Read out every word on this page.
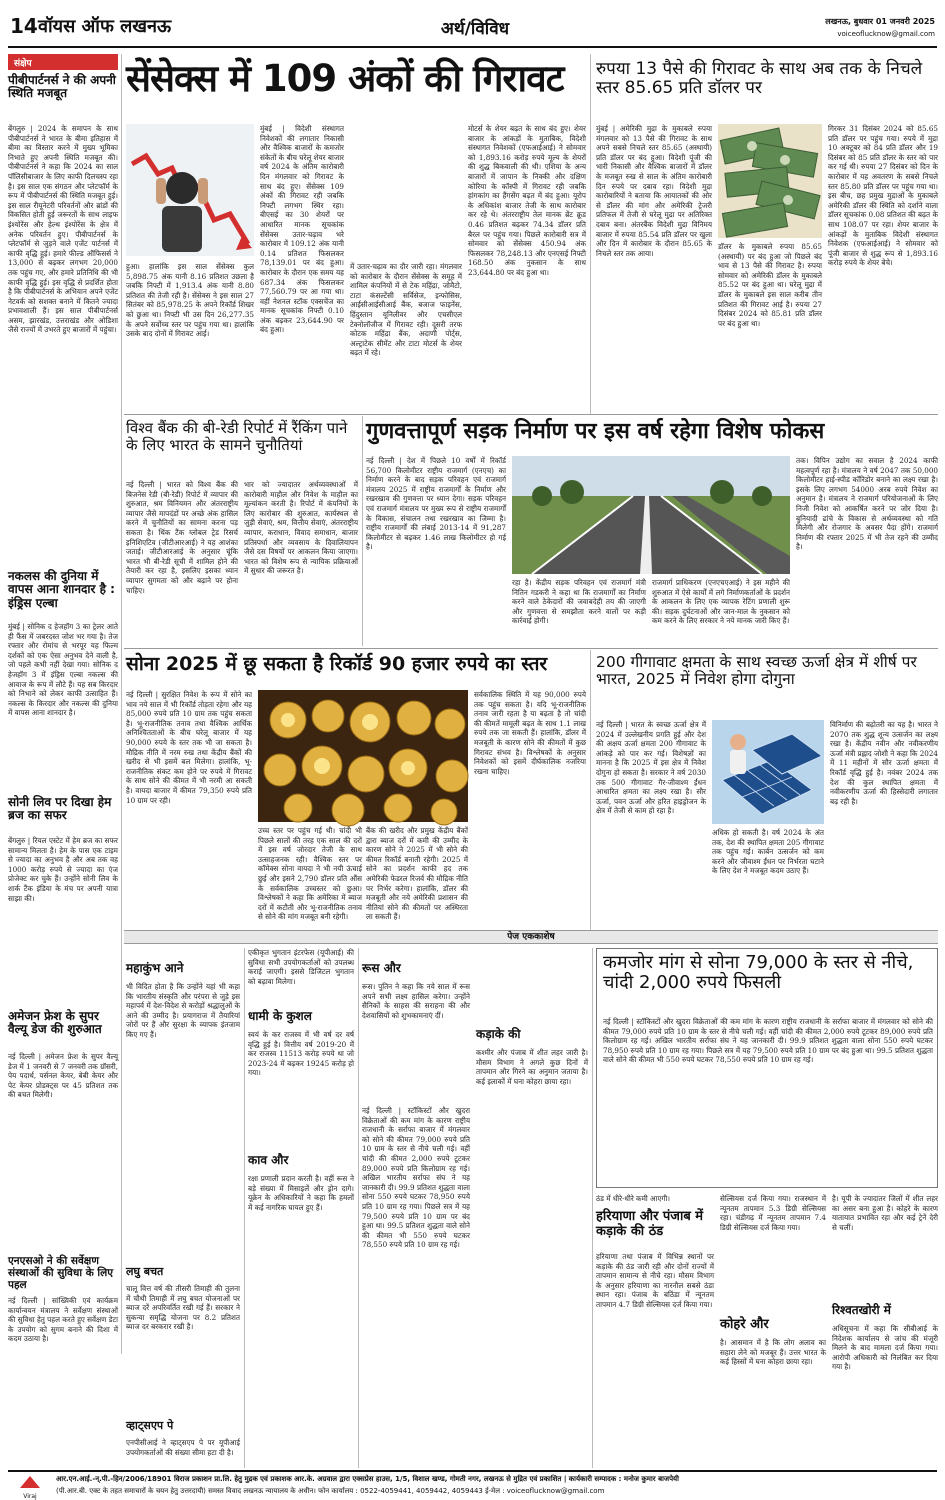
14 वॉयस ऑफ लखनऊ	अर्थ/विविध	लखनऊ, बुधवार 01 जनवरी 2025
voiceoflucknow@gmail.com
संक्षेप
पीबीपार्टनर्स ने की अपनी स्थिति मजबूत
बेंगलुरु | 2024 के समापन के साथ पीबीपार्टनर्स ने भारत के बीमा इतिहास में बीमा का विस्तार करने में मुख्य भूमिका निभाते हुए अपनी स्थिति मजबूत की। पीबीपार्टनर्स ने कहा कि 2024 का साल पॉलिसीबाजार के लिए काफी दिलचस्प रहा है। इस साल एक संगठन और प्लेटफॉर्म के रूप में पीबीपार्टनर्स की स्थिति मजबूत हुई। इस साल रीयूनेटरी परिवर्तनों और ब्रांडों की विकसित होती हुई जरूरतों के साथ लाइफ इंश्योरेंस और हेल्थ इंश्योरेंस के क्षेत्र में अनेक परिवर्तन हुए। पीबीपार्टनर्स के प्लेटफॉर्म से जुड़ने वाले एजेंट पार्टनर्स में काफी वृद्धि हुई। हमारे फील्ड ऑफिसर्स ने 13,000 से बढ़कर लगभग 20,000 तक पहुंच गए, और हमारे प्रतिनिधि की भी काफी वृद्धि हुई। इस वृद्धि से प्रदर्शित होता है कि पीबीपार्टनर्स के अभियान अपने एजेंट नेटवर्क को सशक्त बनाने में कितने ज्यादा प्रभावशाली हैं। इस साल पीबीपार्टनर्स असम, झारखंड, उत्तराखंड और ओडिशा जैसे राज्यों में उभरते हुए बाजारों में पहुंचा।
नकलस की दुनिया में वापस आना शानदार है : इंड्रिस एल्बा
मुंबई | सोनिक द हेजहॉग 3 का ट्रेलर आते ही फैंस में जबरदस्त जोश भर गया है। तेज रफ्तार और रोमांच से भरपूर यह फिल्म दर्शकों को एक ऐसा अनुभव देने वाली है, जो पहले कभी नहीं देखा गया। सोनिक द हेजहॉग 3 में इंड्रिस एल्बा नकल्स की आवाज के रूप में लौटे हैं। यह सब किरदार को निभाने को लेकर काफी उत्साहित हैं। नकल्स के किरदार और नकल्स की दुनिया में वापस आना शानदार है।
सोनी लिव पर दिखा हेम ब्रज का सफर
बेंगलुरु | रियल एस्टेट में हेम ब्रज का सफर सामान्य मिलता है। हेम के पास एक टाइम से ज्यादा का अनुभव है और अब तक वह 1000 करोड़ रुपये से ज्यादा का एंज प्रोजेक्ट कर चुके हैं। उन्होंने सोनी लिव के शार्क टैंक इंडिया के मंच पर अपनी यात्रा साझा की।
अमेजन फ्रेश के सुपर वैल्यू डेज की शुरुआत
नई दिल्ली | अमेजन फ्रेश के सुपर वैल्यू डेज में 1 जनवरी से 7 जनवरी तक ग्रॉसरी, पेय पदार्थ, पर्सनल केयर, बेबी केयर और पेट केयर प्रोडक्ट्स पर 45 प्रतिशत तक की बचत मिलेगी।
एनएसओ ने की सर्वेक्षण संस्थाओं की सुविधा के लिए पहल
नई दिल्ली | सांख्यिकी एवं कार्यक्रम कार्यान्वयन मंत्रालय ने सर्वेक्षण संस्थाओं की सुविधा हेतु पहल करते हुए सर्वेक्षण डेटा के उपयोग को सुगम बनाने की दिशा में कदम उठाया है।
सेंसेक्स में 109 अंकों की गिरावट
मुंबई | विदेशी संस्थागत निवेशकों की लगातार निकासी और वैश्विक बाजारों के कमजोर संकेतों के बीच घरेलू शेयर बाजार वर्ष 2024 के अंतिम कारोबारी दिन मंगलवार को गिरावट के साथ बंद हुए। सेंसेक्स 109 अंकों की गिरावट रही जबकि निफ्टी लगभग स्थिर रहा। बीएसई का 30 शेयरों पर आधारित मानक सूचकांक सेंसेक्स उतार-चढ़ाव भरे कारोबार में 109.12 अंक यानी 0.14 प्रतिशत फिसलकर 78,139.01 पर बंद हुआ। कारोबार के दौरान एक समय यह 687.34 अंक फिसलकर 77,560.79 पर आ गया था। वहीं नेशनल स्टॉक एक्सचेंज का मानक सूचकांक निफ्टी 0.10 अंक बढ़कर 23,644.90 पर बंद हुआ।
हुआ। हालांकि इस साल सेंसेक्स कुल 5,898.75 अंक यानी 8.16 प्रतिशत उछला है जबकि निफ्टी में 1,913.4 अंक यानी 8.80 प्रतिशत की तेजी रही है। सेंसेक्स ने इस साल 27 सितंबर को 85,978.25 के अपने रिकॉर्ड शिखर को छुआ था। निफ्टी भी उस दिन 26,277.35 के अपने सर्वोच्च स्तर पर पहुंच गया था। हालांकि उसके बाद दोनों में गिरावट आई।
में उतार-चढ़ाव का दौर जारी रहा। मंगलवार को कारोबार के दौरान सेंसेक्स के समूह में शामिल कंपनियों में से टेक महिंद्रा, जोमैटो, टाटा कंसल्टेंसी सर्विसेज, इन्फोसिस, आईसीआईसीआई बैंक, बजाज फाइनेंस, हिंदुस्तान यूनिलीवर और एचसीएल टेक्नोलॉजीज में गिरावट रही। दूसरी तरफ कोटक महिंद्रा बैंक, अदाणी पोर्ट्स, अल्ट्राटेक सीमेंट और टाटा मोटर्स के शेयर बढ़त में रहे।
मोटर्स के शेयर बढ़त के साथ बंद हुए। शेयर बाजार के आंकड़ों के मुताबिक, विदेशी संस्थागत निवेशकों (एफआईआई) ने सोमवार को 1,893.16 करोड़ रुपये मूल्य के शेयरों की शुद्ध बिकवाली की थी। एशिया के अन्य बाजारों में जापान के निक्की और दक्षिण कोरिया के कॉस्पी में गिरावट रही जबकि हांगकांग का हैंगसेंग बढ़त में बंद हुआ। यूरोप के अधिकांश बाजार तेजी के साथ कारोबार कर रहे थे। अंतरराष्ट्रीय तेल मानक ब्रेंट क्रूड 0.46 प्रतिशत बढ़कर 74.34 डॉलर प्रति बैरल पर पहुंच गया। पिछले कारोबारी सत्र में सोमवार को सेंसेक्स 450.94 अंक फिसलकर 78,248.13 और एनएसई निफ्टी 168.50 अंक नुकसान के साथ 23,644.80 पर बंद हुआ था।
रुपया 13 पैसे की गिरावट के साथ अब तक के निचले स्तर 85.65 प्रति डॉलर पर
मुंबई | अमेरिकी मुद्रा के मुकाबले रुपया मंगलवार को 13 पैसे की गिरावट के साथ अपने सबसे निचले स्तर 85.65 (अस्थायी) प्रति डॉलर पर बंद हुआ। विदेशी पूंजी की भारी निकासी और वैश्विक बाजारों में डॉलर के मजबूत रुख से साल के अंतिम कारोबारी दिन रुपये पर दबाव रहा। विदेशी मुद्रा कारोबारियों ने बताया कि आयातकों की ओर से डॉलर की मांग और अमेरिकी ट्रेजरी प्रतिफल में तेजी से घरेलू मुद्रा पर अतिरिक्त दबाव बना। अंतरबैंक विदेशी मुद्रा विनिमय बाजार में रुपया 85.54 प्रति डॉलर पर खुला और दिन में कारोबार के दौरान 85.65 के निचले स्तर तक आया।
डॉलर के मुकाबले रुपया 85.65 (अस्थायी) पर बंद हुआ जो पिछले बंद भाव से 13 पैसे की गिरावट है। रुपया सोमवार को अमेरिकी डॉलर के मुकाबले 85.52 पर बंद हुआ था। घरेलू मुद्रा में डॉलर के मुकाबले इस साल करीब तीन प्रतिशत की गिरावट आई है। रुपया 27 दिसंबर 2024 को 85.81 प्रति डॉलर पर बंद हुआ था।
गिरकर 31 दिसंबर 2024 को 85.65 प्रति डॉलर पर पहुंच गया। रुपये में मुद्रा 10 अक्टूबर को 84 प्रति डॉलर और 19 दिसंबर को 85 प्रति डॉलर के स्तर को पार कर गई थी। रुपया 27 दिसंबर को दिन के कारोबार में यह अवतरण के सबसे निचले स्तर 85.80 प्रति डॉलर पर पहुंच गया था। इस बीच, छह प्रमुख मुद्राओं के मुकाबले अमेरिकी डॉलर की स्थिति को दर्शाने वाला डॉलर सूचकांक 0.08 प्रतिशत की बढ़त के साथ 108.07 पर रहा। शेयर बाजार के आंकड़ों के मुताबिक विदेशी संस्थागत निवेशक (एफआईआई) ने सोमवार को पूंजी बाजार से शुद्ध रूप से 1,893.16 करोड़ रुपये के शेयर बेचे।
विश्व बैंक की बी-रेडी रिपोर्ट में रैंकिंग पाने के लिए भारत के सामने चुनौतियां
नई दिल्ली | भारत को विश्व बैंक की बिजनेस रेडी (बी-रेडी) रिपोर्ट में व्यापार की शुरुआत, श्रम विनियमन और अंतरराष्ट्रीय व्यापार जैसे मापदंडों पर अच्छे अंक हासिल करने में चुनौतियों का सामना करना पड़ सकता है। थिंक टैंक ग्लोबल ट्रेड रिसर्च इनिशिएटिव (जीटीआरआई) ने यह आशंका जताई। जीटीआरआई के अनुसार चूंकि भारत भी बी-रेडी सूची में शामिल होने की तैयारी कर रहा है, इसलिए इसका ध्यान व्यापार सुगमता को और बढ़ाने पर होना चाहिए।
भार को ज्यादातर अर्थव्यवस्थाओं में कारोबारी माहौल और निवेश के माहौल का मूल्यांकन करती है। रिपोर्ट में कंपनियों के लिए कारोबार की शुरुआत, कार्यस्थल से जुड़ी सेवाएं, श्रम, वित्तीय सेवाएं, अंतरराष्ट्रीय व्यापार, कराधान, विवाद समाधान, बाजार प्रतिस्पर्धा और व्यवसाय के दिवालियापन जैसे दस विषयों पर आकलन किया जाएगा। भारत को विशेष रूप से न्यायिक प्रक्रियाओं में सुधार की जरूरत है।
गुणवत्तापूर्ण सड़क निर्माण पर इस वर्ष रहेगा विशेष फोकस
नई दिल्ली | देश में पिछले 10 वर्षों में रिकॉर्ड 56,700 किलोमीटर राष्ट्रीय राजमार्ग (एनएच) का निर्माण करने के बाद सड़क परिवहन एवं राजमार्ग मंत्रालय 2025 में राष्ट्रीय राजमार्गों के निर्माण और रखरखाव की गुणवत्ता पर ध्यान देगा। सड़क परिवहन एवं राजमार्ग मंत्रालय पर मुख्य रूप से राष्ट्रीय राजमार्गों के विकास, संचालन तथा रखरखाव का जिम्मा है। राष्ट्रीय राजमार्गों की लंबाई 2013-14 में 91,287 किलोमीटर से बढ़कर 1.46 लाख किलोमीटर हो गई है।
रहा है। केंद्रीय सड़क परिवहन एवं राजमार्ग मंत्री नितिन गडकरी ने कहा था कि राजमार्गों का निर्माण करने वाले ठेकेदारों की जवाबदेही तय की जाएगी और गुणवत्ता से समझौता करने वालों पर कड़ी कार्रवाई होगी।
राजमार्ग प्राधिकरण (एनएचएआई) ने इस महीने की शुरुआत में ऐसे कार्यों में लगे निर्माणकर्ताओं के प्रदर्शन के आकलन के लिए एक व्यापक रेटिंग प्रणाली शुरू की। सड़क दुर्घटनाओं और जान-माल के नुकसान को कम करने के लिए सरकार ने नये मानक जारी किए हैं।
तक। विपिन उद्योग का सवाल है 2024 काफी महत्वपूर्ण रहा है। मंत्रालय ने वर्ष 2047 तक 50,000 किलोमीटर हाई-स्पीड कॉरिडोर बनाने का लक्ष्य रखा है। इसके लिए लगभग 54000 अरब रुपये निवेश का अनुमान है। मंत्रालय ने राजमार्ग परियोजनाओं के लिए निजी निवेश को आकर्षित करने पर जोर दिया है। बुनियादी ढांचे के विकास से अर्थव्यवस्था को गति मिलेगी और रोजगार के अवसर पैदा होंगे। राजमार्ग निर्माण की रफ्तार 2025 में भी तेज रहने की उम्मीद है।
सोना 2025 में छू सकता है रिकॉर्ड 90 हजार रुपये का स्तर
नई दिल्ली | सुरक्षित निवेश के रूप में सोने का भाव नये साल में भी रिकॉर्ड तोड़ता रहेगा और यह 85,000 रुपये प्रति 10 ग्राम तक पहुंच सकता है। भू-राजनीतिक तनाव तथा वैश्विक आर्थिक अनिश्चितताओं के बीच घरेलू बाजार में यह 90,000 रुपये के स्तर तक भी जा सकता है। मौद्रिक नीति में नरम रुख तथा केंद्रीय बैंकों की खरीद से भी इसमें बल मिलेगा। हालांकि, भू-राजनीतिक संकट कम होने पर रुपये में गिरावट के साथ सोने की कीमत में भी नरमी आ सकती है। वायदा बाजार में कीमत 79,350 रुपये प्रति 10 ग्राम पर रही।
उच्च स्तर पर पहुंच गई थी। चांदी भी पिछले सालों की तरह एक साल की दरों में इस वर्ष जोरदार तेजी के साथ उत्साहजनक रही। वैश्विक स्तर पर कॉमेक्स सोना वायदा ने भी नयी ऊंचाई छुई और इसने 2,790 डॉलर प्रति औंस के सर्वकालिक उच्चस्तर को छुआ। विश्लेषकों ने कहा कि अमेरिका में ब्याज दरों में कटौती और भू-राजनीतिक तनाव से सोने की मांग मजबूत बनी रहेगी।
बैंक की खरीद और प्रमुख केंद्रीय बैंकों द्वारा ब्याज दरों में कमी की उम्मीद के कारण सोने ने 2025 में भी सोने की कीमत रिकॉर्ड बनाती रहेगी। 2025 में सोने का प्रदर्शन काफी हद तक अमेरिकी फेडरल रिजर्व की मौद्रिक नीति पर निर्भर करेगा। हालांकि, डॉलर की मजबूती और नये अमेरिकी प्रशासन की नीतियां सोने की कीमतों पर अस्थिरता ला सकती हैं।
सर्वकालिक स्थिति में यह 90,000 रुपये तक पहुंच सकता है। यदि भू-राजनीतिक तनाव जारी रहता है या बढ़ता है तो चांदी की कीमतें मामूली बढ़त के साथ 1.1 लाख रुपये तक जा सकती हैं। हालांकि, डॉलर में मजबूती के कारण सोने की कीमतों में कुछ गिरावट संभव है। विश्लेषकों के अनुसार निवेशकों को इसमें दीर्घकालिक नजरिया रखना चाहिए।
200 गीगावाट क्षमता के साथ स्वच्छ ऊर्जा क्षेत्र में शीर्ष पर भारत, 2025 में निवेश होगा दोगुना
नई दिल्ली | भारत के स्वच्छ ऊर्जा क्षेत्र में 2024 में उल्लेखनीय प्रगति हुई और देश की अक्षय ऊर्जा क्षमता 200 गीगावाट के आंकड़े को पार कर गई। विशेषज्ञों का मानना है कि 2025 में इस क्षेत्र में निवेश दोगुना हो सकता है। सरकार ने वर्ष 2030 तक 500 गीगावाट गैर-जीवाश्म ईंधन आधारित क्षमता का लक्ष्य रखा है। सौर ऊर्जा, पवन ऊर्जा और हरित हाइड्रोजन के क्षेत्र में तेजी से काम हो रहा है।
अधिक हो सकती है। वर्ष 2024 के अंत तक, देश की स्थापित क्षमता 205 गीगावाट तक पहुंच गई। कार्बन उत्सर्जन को कम करने और जीवाश्म ईंधन पर निर्भरता घटाने के लिए देश ने मजबूत कदम उठाए हैं।
विनिर्माण की बढ़ोतरी का यह है। भारत ने 2070 तक शुद्ध शून्य उत्सर्जन का लक्ष्य रखा है। केंद्रीय नवीन और नवीकरणीय ऊर्जा मंत्री प्रह्लाद जोशी ने कहा कि 2024 में 11 महीनों में सौर ऊर्जा क्षमता में रिकॉर्ड वृद्धि हुई है। नवंबर 2024 तक देश की कुल स्थापित क्षमता में नवीकरणीय ऊर्जा की हिस्सेदारी लगातार बढ़ रही है।
पेज एककाशेष
महाकुंभ आने
भी विदित होता है कि उन्होंने यहां भी कहा कि भारतीय संस्कृति और परंपरा से जुड़े इस महापर्व में देश-विदेश से करोड़ों श्रद्धालुओं के आने की उम्मीद है। प्रयागराज में तैयारियां जोरों पर हैं और सुरक्षा के व्यापक इंतजाम किए गए हैं।
लघु बचत
चालू वित्त वर्ष की तीसरी तिमाही की तुलना में चौथी तिमाही में लघु बचत योजनाओं पर ब्याज दरें अपरिवर्तित रखी गई हैं। सरकार ने सुकन्या समृद्धि योजना पर 8.2 प्रतिशत ब्याज दर बरकरार रखी है।
व्हाट्सएप पे
एनपीसीआई ने व्हाट्सएप पे पर यूपीआई उपयोगकर्ताओं की संख्या सीमा हटा दी है।
एकीकृत भुगतान इंटरफेस (यूपीआई) की सुविधा सभी उपयोगकर्ताओं को उपलब्ध कराई जाएगी। इससे डिजिटल भुगतान को बढ़ावा मिलेगा।
धामी के कुशल
स्वयं के कर राजस्व में भी वर्ष दर वर्ष वृद्धि हुई है। वित्तीय वर्ष 2019-20 में कर राजस्व 11513 करोड़ रुपये था जो 2023-24 में बढ़कर 19245 करोड़ हो गया।
काव और
रक्षा प्रणाली प्रदान करती है। वहीं रूस ने बड़े संख्या में मिसाइलें और ड्रोन दागे। यूक्रेन के अधिकारियों ने कहा कि हमलों में कई नागरिक घायल हुए हैं।
रूस और
रूस। पुतिन ने कहा कि नये साल में रूस अपने सभी लक्ष्य हासिल करेगा। उन्होंने सैनिकों के साहस की सराहना की और देशवासियों को शुभकामनाएं दीं।
कड़ाके की
नई दिल्ली | स्टॉकिस्टों और खुदरा विक्रेताओं की कम मांग के कारण राष्ट्रीय राजधानी के सर्राफा बाजार में मंगलवार को सोने की कीमत 79,000 रुपये प्रति 10 ग्राम के स्तर से नीचे चली गई। वहीं चांदी की कीमत 2,000 रुपये टूटकर 89,000 रुपये प्रति किलोग्राम रह गई। अखिल भारतीय सर्राफा संघ ने यह जानकारी दी। 99.9 प्रतिशत शुद्धता वाला सोना 550 रुपये घटकर 78,950 रुपये प्रति 10 ग्राम रह गया। पिछले सत्र में यह 79,500 रुपये प्रति 10 ग्राम पर बंद हुआ था। 99.5 प्रतिशत शुद्धता वाले सोने की कीमत भी 550 रुपये घटकर 78,550 रुपये प्रति 10 ग्राम रह गई।
कश्मीर और पंजाब में शीत लहर जारी है। मौसम विभाग ने अगले कुछ दिनों में तापमान और गिरने का अनुमान जताया है। कई इलाकों में घना कोहरा छाया रहा।
कमजोर मांग से सोना 79,000 के स्तर से नीचे, चांदी 2,000 रुपये फिसली
नई दिल्ली | स्टॉकिस्टों और खुदरा विक्रेताओं की कम मांग के कारण राष्ट्रीय राजधानी के सर्राफा बाजार में मंगलवार को सोने की कीमत 79,000 रुपये प्रति 10 ग्राम के स्तर से नीचे चली गई। वहीं चांदी की कीमत 2,000 रुपये टूटकर 89,000 रुपये प्रति किलोग्राम रह गई। अखिल भारतीय सर्राफा संघ ने यह जानकारी दी। 99.9 प्रतिशत शुद्धता वाला सोना 550 रुपये घटकर 78,950 रुपये प्रति 10 ग्राम रह गया। पिछले सत्र में यह 79,500 रुपये प्रति 10 ग्राम पर बंद हुआ था। 99.5 प्रतिशत शुद्धता वाले सोने की कीमत भी 550 रुपये घटकर 78,550 रुपये प्रति 10 ग्राम रह गई।
ठंड में धीरे-धीरे कमी आएगी।
हरियाणा और पंजाब में कड़ाके की ठंड
हरियाणा तथा पंजाब में विभिन्न स्थानों पर कड़ाके की ठंड जारी रही और दोनों राज्यों में तापमान सामान्य से नीचे रहा। मौसम विभाग के अनुसार हरियाणा का नारनौल सबसे ठंडा स्थान रहा। पंजाब के बठिंडा में न्यूनतम तापमान 4.7 डिग्री सेल्सियस दर्ज किया गया।
सेल्सियस दर्ज किया गया। राजस्थान में न्यूनतम तापमान 5.3 डिग्री सेल्सियस रहा। चंडीगढ़ में न्यूनतम तापमान 7.4 डिग्री सेल्सियस दर्ज किया गया।
कोहरे और
है। आसमान में है कि लोग अलाव का सहारा लेने को मजबूर हैं। उत्तर भारत के कई हिस्सों में घना कोहरा छाया रहा।
है। यूपी के ज्यादातर जिलों में शीत लहर का असर बना हुआ है। कोहरे के कारण यातायात प्रभावित रहा और कई ट्रेनें देरी से चलीं।
रिश्वतखोरी में
अधिसूचना में कहा कि सीबीआई के निदेशक कार्यालय से जांच की मंजूरी मिलने के बाद मामला दर्ज किया गया। आरोपी अधिकारी को निलंबित कर दिया गया है।
Viraj
आर.एन.आई.-न्.पी.-हिन/2006/18901 विराज प्रकाशन प्रा.लि. हेतु मुद्रक एवं प्रकाशक आर.के. अग्रवाल द्वारा एक्सप्रेस हाउस, 1/5, विशाल खण्ड, गोमती नगर, लखनऊ से मुद्रित एवं प्रकाशित | कार्यकारी सम्पादक : मनोज कुमार बाजपेयी
(पी.आर.बी. एक्ट के तहत समाचारों के चयन हेतु उत्तरदायी) समस्त विवाद लखनऊ न्यायालय के अधीन। फोन कार्यालय : 0522-4059441, 4059442, 4059443 ई-मेल : voiceoflucknow@gmail.com
